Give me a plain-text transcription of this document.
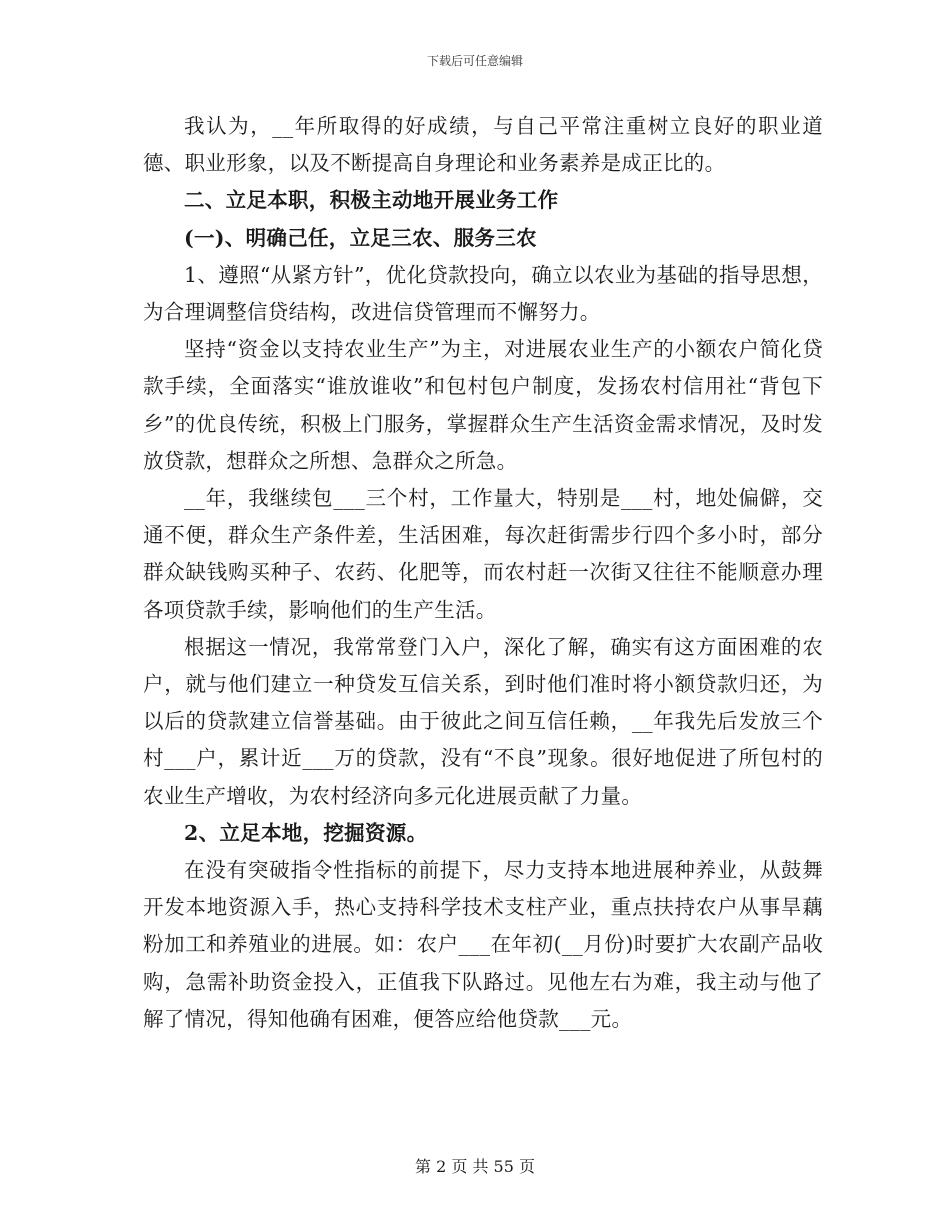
下载后可任意编辑

我认为，__年所取得的好成绩，与自己平常注重树立良好的职业道德、职业形象，以及不断提高自身理论和业务素养是成正比的。

二、立足本职，积极主动地开展业务工作

(一)、明确己任，立足三农、服务三农

1、遵照“从紧方针”，优化贷款投向，确立以农业为基础的指导思想，为合理调整信贷结构，改进信贷管理而不懈努力。

坚持“资金以支持农业生产”为主，对进展农业生产的小额农户简化贷款手续，全面落实“谁放谁收”和包村包户制度，发扬农村信用社“背包下乡”的优良传统，积极上门服务，掌握群众生产生活资金需求情况，及时发放贷款，想群众之所想、急群众之所急。

__年，我继续包___三个村，工作量大，特别是___村，地处偏僻，交通不便，群众生产条件差，生活困难，每次赶街需步行四个多小时，部分群众缺钱购买种子、农药、化肥等，而农村赶一次街又往往不能顺意办理各项贷款手续，影响他们的生产生活。

根据这一情况，我常常登门入户，深化了解，确实有这方面困难的农户，就与他们建立一种贷发互信关系，到时他们准时将小额贷款归还，为以后的贷款建立信誉基础。由于彼此之间互信任赖，__年我先后发放三个村___户，累计近___万的贷款，没有“不良”现象。很好地促进了所包村的农业生产增收，为农村经济向多元化进展贡献了力量。

2、立足本地，挖掘资源。

在没有突破指令性指标的前提下，尽力支持本地进展种养业，从鼓舞开发本地资源入手，热心支持科学技术支柱产业，重点扶持农户从事旱藕粉加工和养殖业的进展。如：农户___在年初(__月份)时要扩大农副产品收购，急需补助资金投入，正值我下队路过。见他左右为难，我主动与他了解了情况，得知他确有困难，便答应给他贷款___元。

第 2 页 共 55 页
